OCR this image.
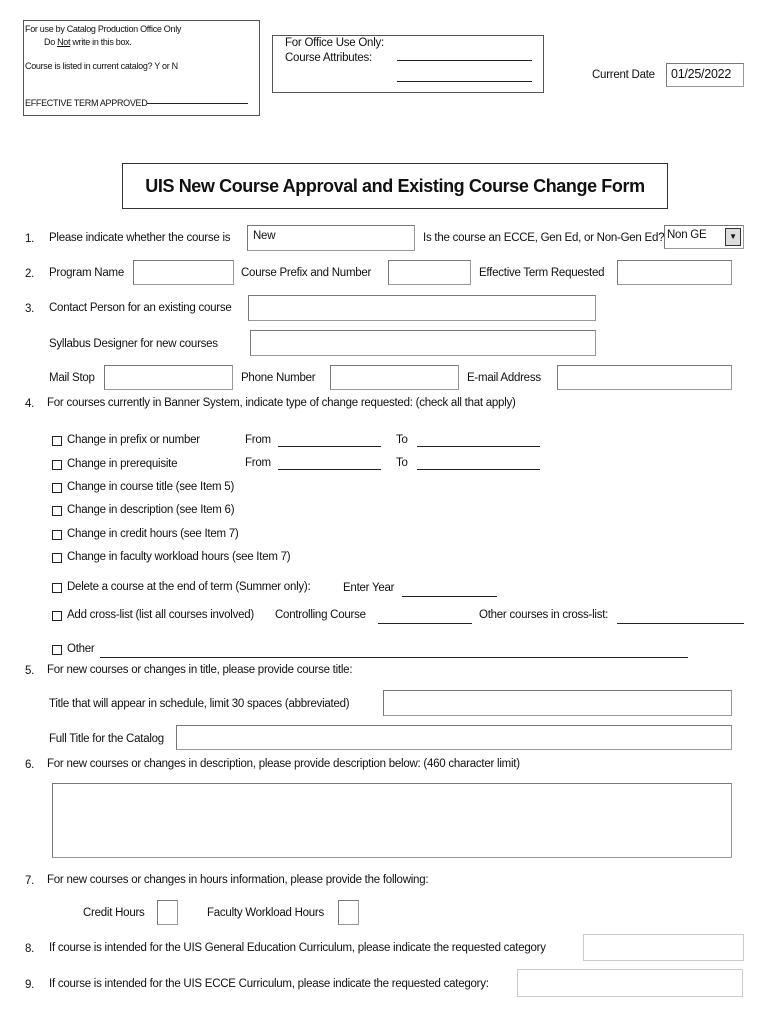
For use by Catalog Production Office Only
Do Not write in this box.
Course is listed in current catalog? Y or N
EFFECTIVE TERM APPROVED
For Office Use Only:
Course Attributes:
Current Date	01/25/2022
UIS New Course Approval and Existing Course Change Form
1. Please indicate whether the course is	New	Is the course an ECCE, Gen Ed, or Non-Gen Ed? Non GE	▼
2. Program Name	Course Prefix and Number	Effective Term Requested
3. Contact Person for an existing course
Syllabus Designer for new courses
Mail Stop	Phone Number	E-mail Address
4. For courses currently in Banner System, indicate type of change requested: (check all that apply)
Change in prefix or number	From	To
Change in prerequisite	From	To
Change in course title (see Item 5)
Change in description (see Item 6)
Change in credit hours (see Item 7)
Change in faculty workload hours (see Item 7)
Delete a course at the end of term (Summer only):	Enter Year
Add cross-list (list all courses involved) Controlling Course	Other courses in cross-list:
Other
5. For new courses or changes in title, please provide course title:
Title that will appear in schedule, limit 30 spaces (abbreviated)
Full Title for the Catalog
6. For new courses or changes in description, please provide description below: (460 character limit)
7. For new courses or changes in hours information, please provide the following:
Credit Hours	Faculty Workload Hours
8. If course is intended for the UIS General Education Curriculum, please indicate the requested category
9. If course is intended for the UIS ECCE Curriculum, please indicate the requested category:
